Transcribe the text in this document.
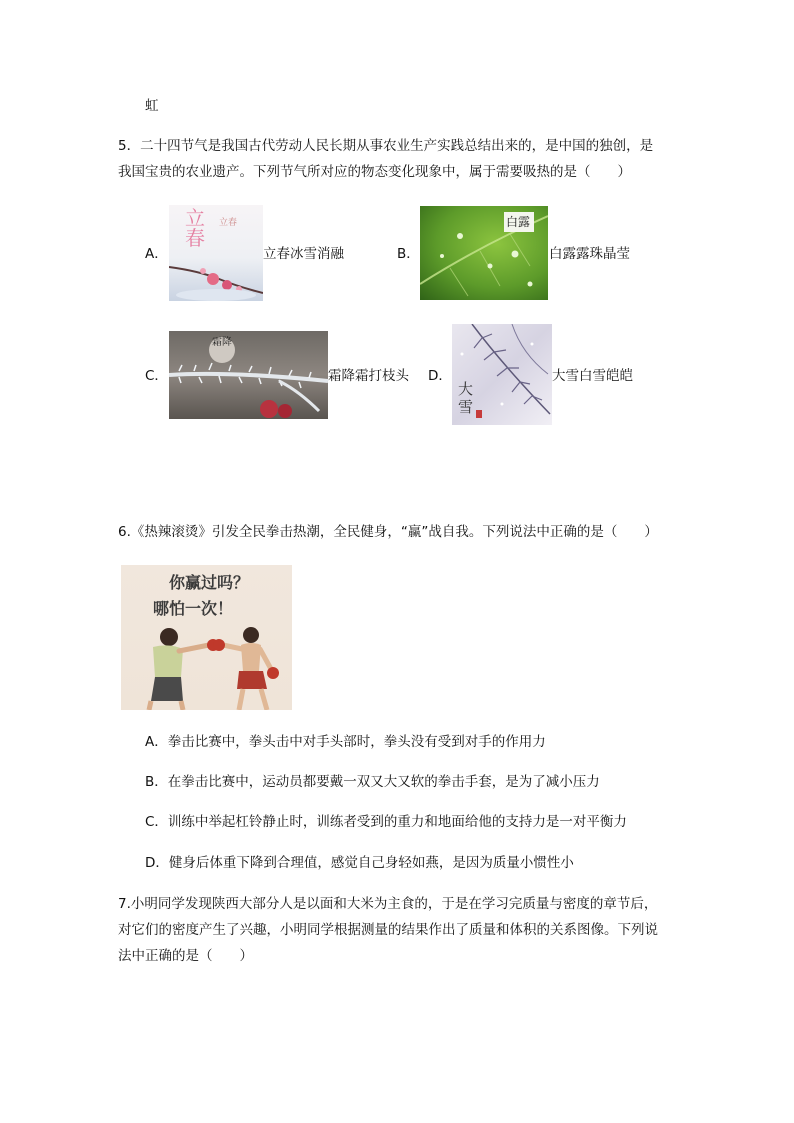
虹
5．二十四节气是我国古代劳动人民长期从事农业生产实践总结出来的，是中国的独创，是
我国宝贵的农业遗产。下列节气所对应的物态变化现象中，属于需要吸热的是（　　）
A．
立
春
立春
立春冰雪消融	B．
白露
白露露珠晶莹
C．
霜降
霜降霜打枝头 D．
大
雪
大雪白雪皑皑
6.《热辣滚烫》引发全民拳击热潮，全民健身，“赢”战自我。下列说法中正确的是（　　）
你赢过吗？
哪怕一次！
A．拳击比赛中，拳头击中对手头部时，拳头没有受到对手的作用力
B．在拳击比赛中，运动员都要戴一双又大又软的拳击手套，是为了减小压力
C．训练中举起杠铃静止时，训练者受到的重力和地面给他的支持力是一对平衡力
D．健身后体重下降到合理值，感觉自己身轻如燕，是因为质量小惯性小
7.小明同学发现陕西大部分人是以面和大米为主食的，于是在学习完质量与密度的章节后，
对它们的密度产生了兴趣，小明同学根据测量的结果作出了质量和体积的关系图像。下列说
法中正确的是（　　）
